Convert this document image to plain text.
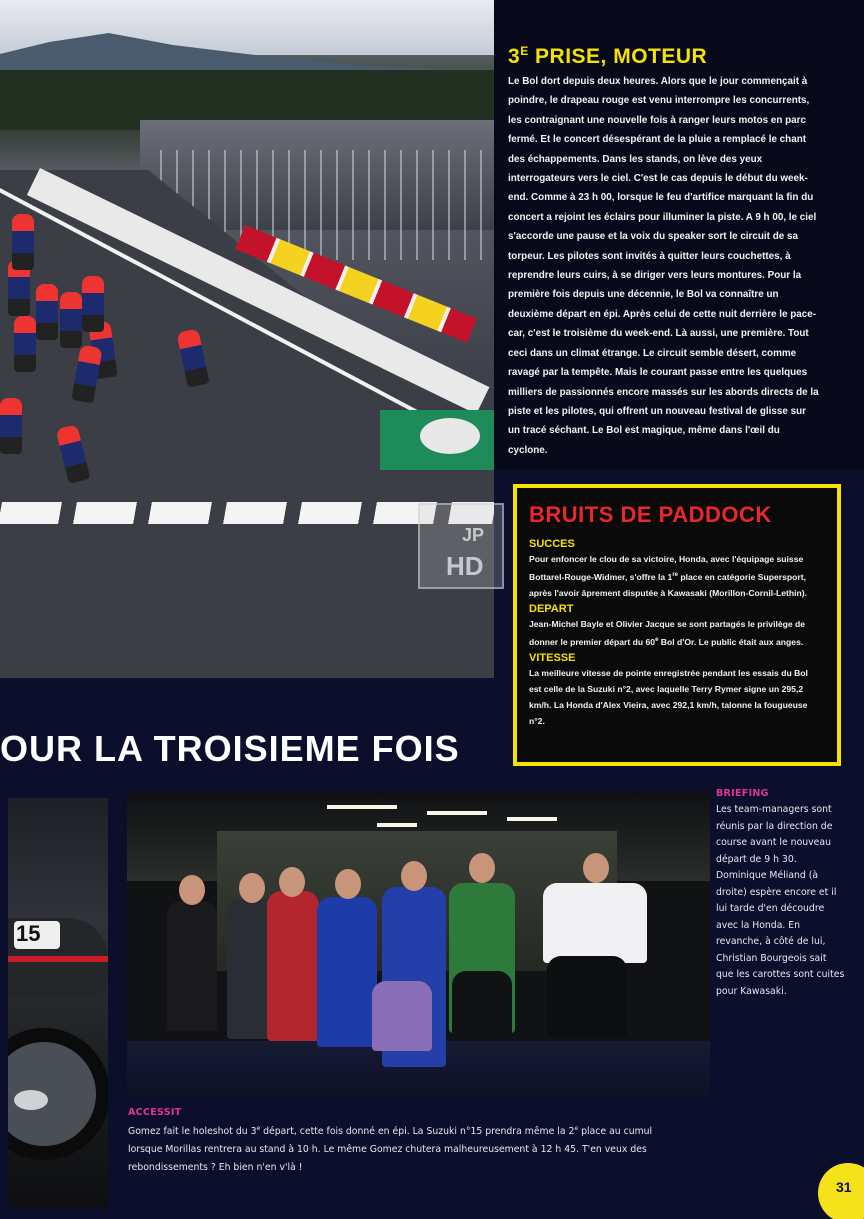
$3^E$ PRISE, MOTEUR
Le Bol dort depuis deux heures. Alors que le jour commençait à poindre, le drapeau rouge est venu interrompre les concurrents, les contraignant une nouvelle fois à ranger leurs motos en parc fermé. Et le concert désespérant de la pluie a remplacé le chant des échappements. Dans les stands, on lève des yeux interrogateurs vers le ciel. C'est le cas depuis le début du week-end. Comme à 23 h 00, lorsque le feu d'artifice marquant la fin du concert a rejoint les éclairs pour illuminer la piste. A 9 h 00, le ciel s'accorde une pause et la voix du speaker sort le circuit de sa torpeur. Les pilotes sont invités à quitter leurs couchettes, à reprendre leurs cuirs, à se diriger vers leurs montures. Pour la première fois depuis une décennie, le Bol va connaître un deuxième départ en épi. Après celui de cette nuit derrière le pace-car, c'est le troisième du week-end. Là aussi, une première. Tout ceci dans un climat étrange. Le circuit semble désert, comme ravagé par la tempête. Mais le courant passe entre les quelques milliers de passionnés encore massés sur les abords directs de la piste et les pilotes, qui offrent un nouveau festival de glisse sur un tracé séchant. Le Bol est magique, même dans l'œil du cyclone.
BRUITS DE PADDOCK

SUCCES

Pour enfoncer le clou de sa victoire, Honda, avec l'équipage suisse Bottarel-Rouge-Widmer, s'offre la 1re place en catégorie Supersport, après l'avoir âprement disputée à Kawasaki (Morillon-Cornil-Lethin).

DEPART

Jean-Michel Bayle et Olivier Jacque se sont partagés le privilège de donner le premier départ du 60e Bol d'Or. Le public était aux anges.

VITESSE

La meilleure vitesse de pointe enregistrée pendant les essais du Bol est celle de la Suzuki n°2, avec laquelle Terry Rymer signe un 295,2 km/h. La Honda d'Alex Vieira, avec 292,1 km/h, talonne la fougueuse n°2.

CLG
JP
HD
OUR LA TROISIEME FOIS
15
BRIEFING
Les team-managers sont réunis par la direction de course avant le nouveau départ de 9 h 30. Dominique Méliand (à droite) espère encore et il lui tarde d'en découdre avec la Honda. En revanche, à côté de lui, Christian Bourgeois sait que les carottes sont cuites pour Kawasaki.
ACCESSIT
Gomez fait le holeshot du 3e départ, cette fois donné en épi. La Suzuki n°15 prendra même la 2e place au cumul lorsque Morillas rentrera au stand à 10 h. Le même Gomez chutera malheureusement à 12 h 45. T'en veux des rebondissements ? Eh bien n'en v'là !
31
